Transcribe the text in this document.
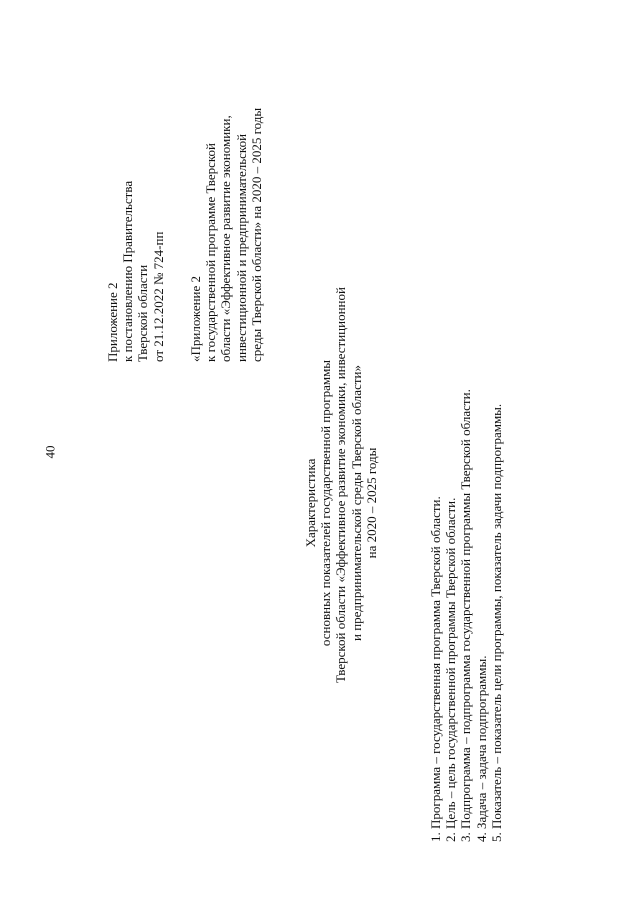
40
Приложение 2 к постановлению Правительства Тверской области от 21.12.2022 № 724-пп «Приложение 2 к государственной программе Тверской области «Эффективное развитие экономики, инвестиционной и предпринимательской среды Тверской области» на 2020 – 2025 годы
Характеристика основных показателей государственной программы Тверской области «Эффективное развитие экономики, инвестиционной и предпринимательской среды Тверской области» на 2020 – 2025 годы	1. Программа – государственная программа Тверской области. 2. Цель – цель государственной программы Тверской области. 3. Подпрограмма – подпрограмма государственной программы Тверской области. 4. Задача – задача подпрограммы. 5. Показатель – показатель цели программы, показатель задачи подпрограммы.
